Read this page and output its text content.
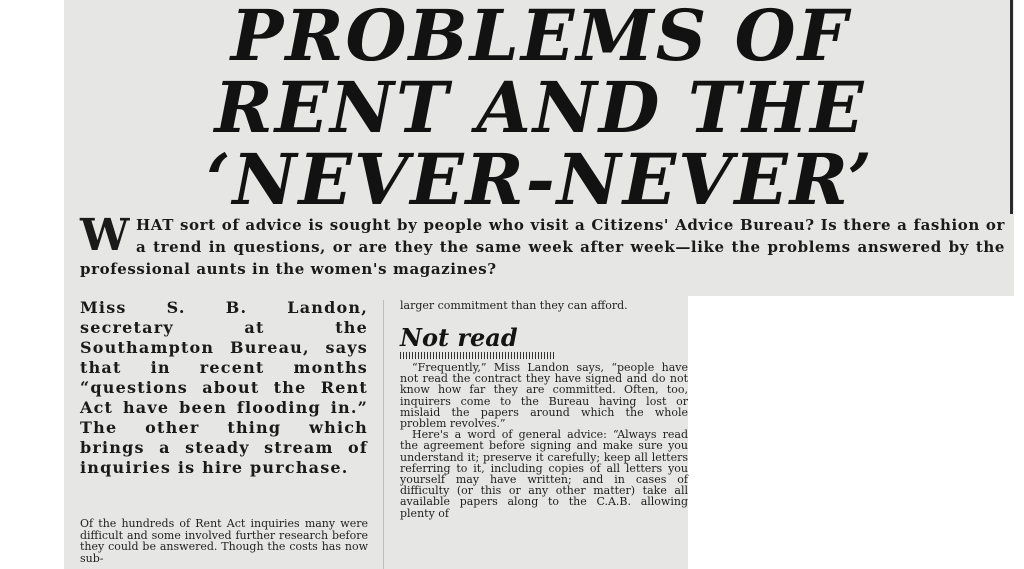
PROBLEMS OF
RENT AND THE
‘NEVER-NEVER’

WHAT sort of advice is sought by people who visit a Citizens' Advice Bureau? Is there a fashion or a trend in questions, or are they the same week after week—like the problems answered by the professional aunts in the women's magazines?

Miss S. B. Landon, secretary at the Southampton Bureau, says that in recent months “questions about the Rent Act have been flooding in.” The other thing which brings a steady stream of inquiries is hire purchase.

Of the hundreds of Rent Act inquiries many were difficult and some involved further research before they could be answered. Though the costs has now sub-

larger commitment than they can afford.

Not read

“Frequently,” Miss Landon says, “people have not read the contract they have signed and do not know how far they are committed. Often, too, inquirers come to the Bureau having lost or mislaid the papers around which the whole problem revolves.”

Here's a word of general advice: “Always read the agreement before signing and make sure you understand it; preserve it carefully; keep all letters referring to it, including copies of all letters you yourself may have written; and in cases of difficulty (or this or any other matter) take all available papers along to the C.A.B. allowing plenty of
